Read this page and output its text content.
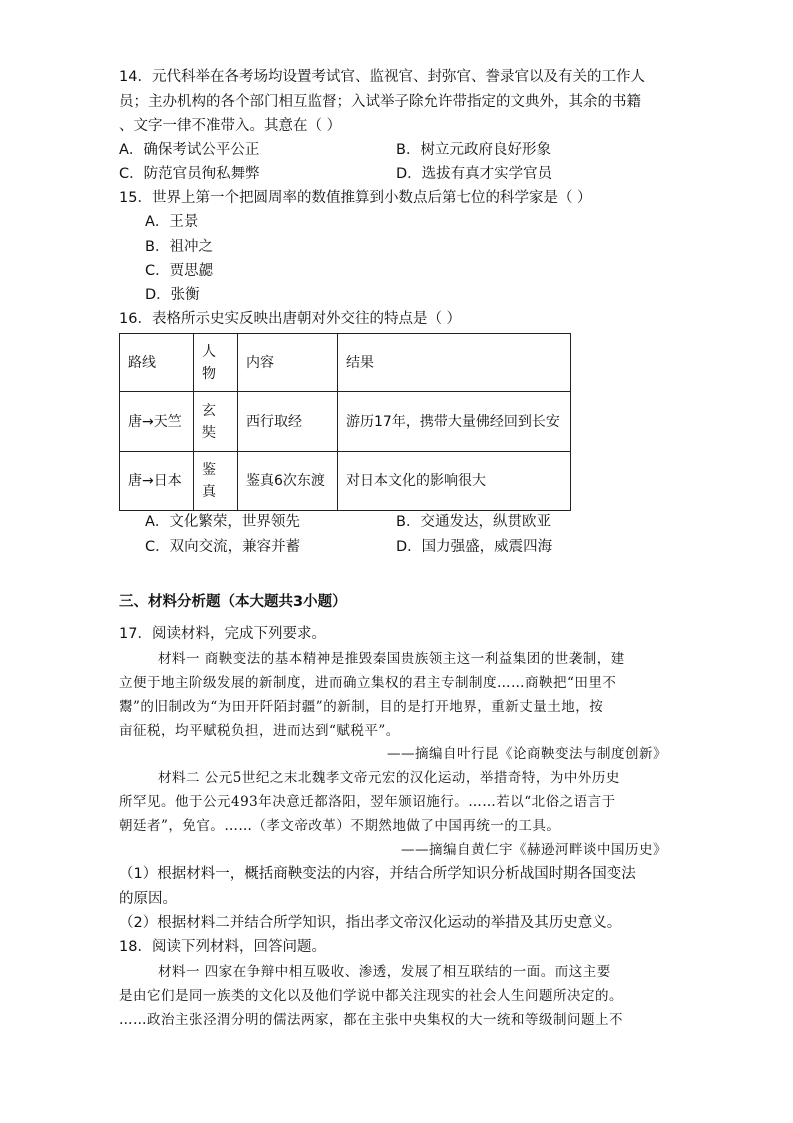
14．元代科举在各考场均设置考试官、监视官、封弥官、誊录官以及有关的工作人
员；主办机构的各个部门相互监督；入试举子除允许带指定的文典外，其余的书籍
、文字一律不准带入。其意在（ ）
A．确保考试公平公正	B．树立元政府良好形象
C．防范官员徇私舞弊	D．选拔有真才实学官员
15．世界上第一个把圆周率的数值推算到小数点后第七位的科学家是（ ）
A．王景
B．祖冲之
C．贾思勰
D．张衡
16．表格所示史实反映出唐朝对外交往的特点是（ ）
路线	人物	内容	结果
唐→天竺	玄奘	西行取经	游历17年，携带大量佛经回到长安
唐→日本	鉴真	鉴真6次东渡	对日本文化的影响很大
A．文化繁荣，世界领先	B．交通发达，纵贯欧亚
C．双向交流，兼容并蓄	D．国力强盛，威震四海
三、材料分析题（本大题共3小题）
17．阅读材料，完成下列要求。
材料一 商鞅变法的基本精神是推毁秦国贵族领主这一利益集团的世袭制，建
立便于地主阶级发展的新制度，进而确立集权的君主专制制度……商鞅把“田里不
鬻”的旧制改为“为田开阡陌封疆”的新制，目的是打开地界，重新丈量土地，按
亩征税，均平赋税负担，进而达到“赋税平”。
——摘编自叶行昆《论商鞅变法与制度创新》
材料二 公元5世纪之末北魏孝文帝元宏的汉化运动，举措奇特，为中外历史
所罕见。他于公元493年决意迁都洛阳，翌年颁诏施行。……若以“北俗之语言于
朝廷者”，免官。……（孝文帝改革）不期然地做了中国再统一的工具。
——摘编自黄仁宇《赫逊河畔谈中国历史》
（1）根据材料一，概括商鞅变法的内容，并结合所学知识分析战国时期各国变法
的原因。
（2）根据材料二并结合所学知识，指出孝文帝汉化运动的举措及其历史意义。
18．阅读下列材料，回答问题。
材料一 四家在争辩中相互吸收、渗透，发展了相互联结的一面。而这主要
是由它们是同一族类的文化以及他们学说中都关注现实的社会人生问题所决定的。
……政治主张泾渭分明的儒法两家，都在主张中央集权的大一统和等级制问题上不
